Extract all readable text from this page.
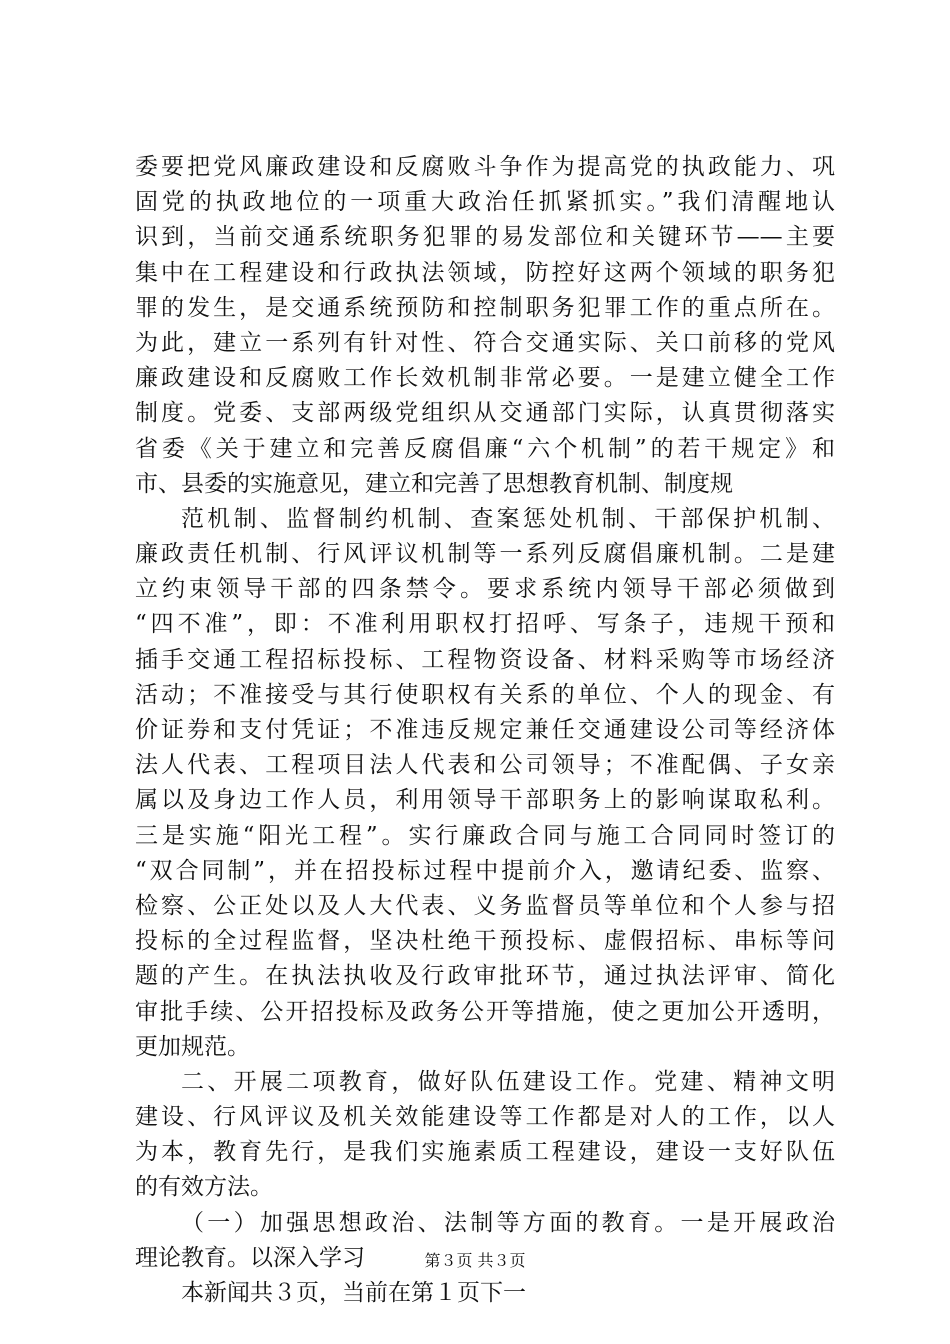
委要把党风廉政建设和反腐败斗争作为提高党的执政能力、巩
固党的执政地位的一项重大政治任抓紧抓实。”我们清醒地认
识到，当前交通系统职务犯罪的易发部位和关键环节——主要
集中在工程建设和行政执法领域，防控好这两个领域的职务犯
罪的发生，是交通系统预防和控制职务犯罪工作的重点所在。
为此，建立一系列有针对性、符合交通实际、关口前移的党风
廉政建设和反腐败工作长效机制非常必要。一是建立健全工作
制度。党委、支部两级党组织从交通部门实际，认真贯彻落实
省委《关于建立和完善反腐倡廉“六个机制”的若干规定》和
市、县委的实施意见，建立和完善了思想教育机制、制度规
范机制、监督制约机制、查案惩处机制、干部保护机制、
廉政责任机制、行风评议机制等一系列反腐倡廉机制。二是建
立约束领导干部的四条禁令。要求系统内领导干部必须做到
“四不准”，即：不准利用职权打招呼、写条子，违规干预和
插手交通工程招标投标、工程物资设备、材料采购等市场经济
活动；不准接受与其行使职权有关系的单位、个人的现金、有
价证券和支付凭证；不准违反规定兼任交通建设公司等经济体
法人代表、工程项目法人代表和公司领导；不准配偶、子女亲
属以及身边工作人员，利用领导干部职务上的影响谋取私利。
三是实施“阳光工程”。实行廉政合同与施工合同同时签订的
“双合同制”，并在招投标过程中提前介入，邀请纪委、监察、
检察、公正处以及人大代表、义务监督员等单位和个人参与招
投标的全过程监督，坚决杜绝干预投标、虚假招标、串标等问
题的产生。在执法执收及行政审批环节，通过执法评审、简化
审批手续、公开招投标及政务公开等措施，使之更加公开透明，
更加规范。
二、开展二项教育，做好队伍建设工作。党建、精神文明
建设、行风评议及机关效能建设等工作都是对人的工作，以人
为本，教育先行，是我们实施素质工程建设，建设一支好队伍
的有效方法。
（一）加强思想政治、法制等方面的教育。一是开展政治
理论教育。以深入学习
本新闻共３页，当前在第１页下一
第３页 共３页
